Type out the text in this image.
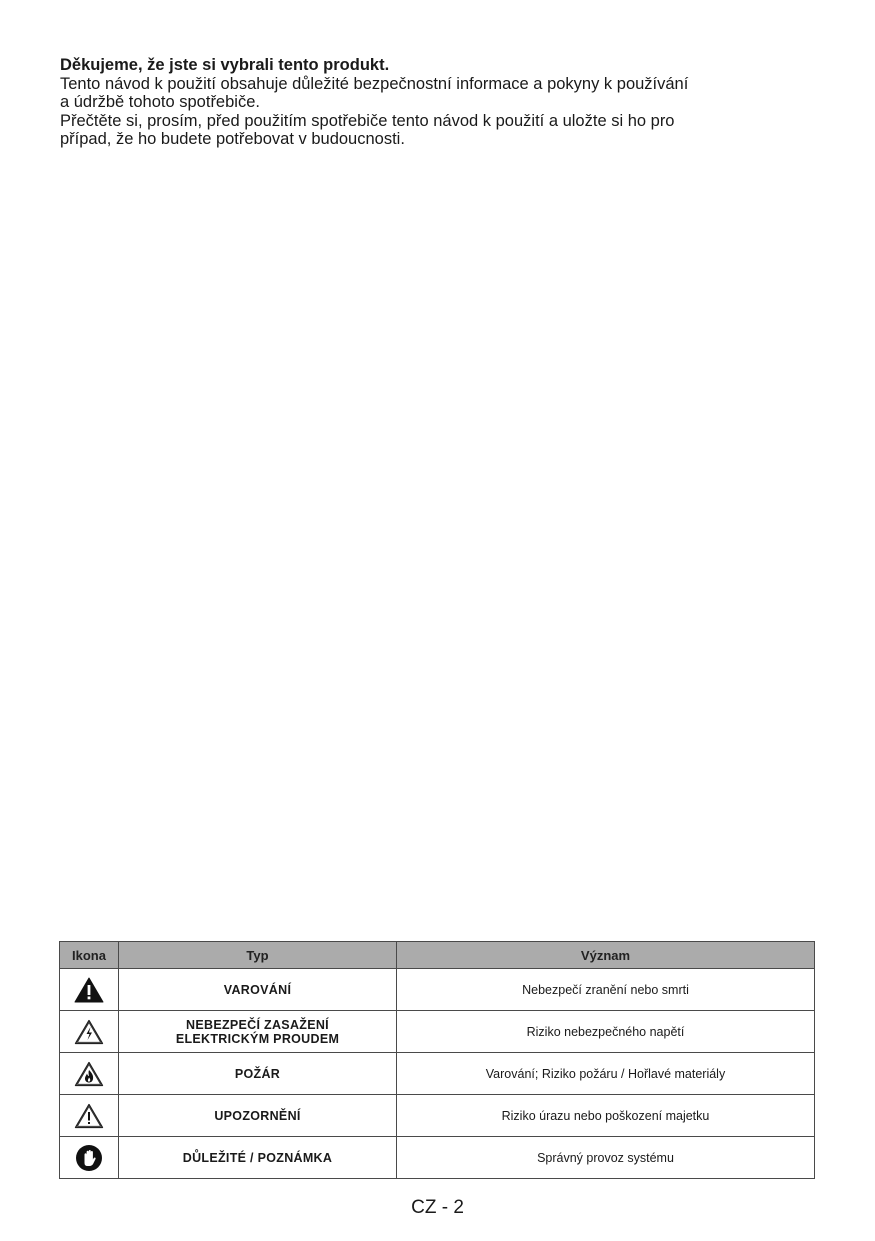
Děkujeme, že jste si vybrali tento produkt.

Tento návod k použití obsahuje důležité bezpečnostní informace a pokyny k používání

a údržbě tohoto spotřebiče.

Přečtěte si, prosím, před použitím spotřebiče tento návod k použití a uložte si ho pro

případ, že ho budete potřebovat v budoucnosti.

Ikona	Typ	Význam

	VAROVÁNÍ	Nebezpečí zranění nebo smrti

	NEBEZPEČÍ ZASAŽENÍ
ELEKTRICKÝM PROUDEM	Riziko nebezpečného napětí

	POŽÁR	Varování; Riziko požáru / Hořlavé materiály

	UPOZORNĚNÍ	Riziko úrazu nebo poškození majetku

	DŮLEŽITÉ / POZNÁMKA	Správný provoz systému
CZ - 2
